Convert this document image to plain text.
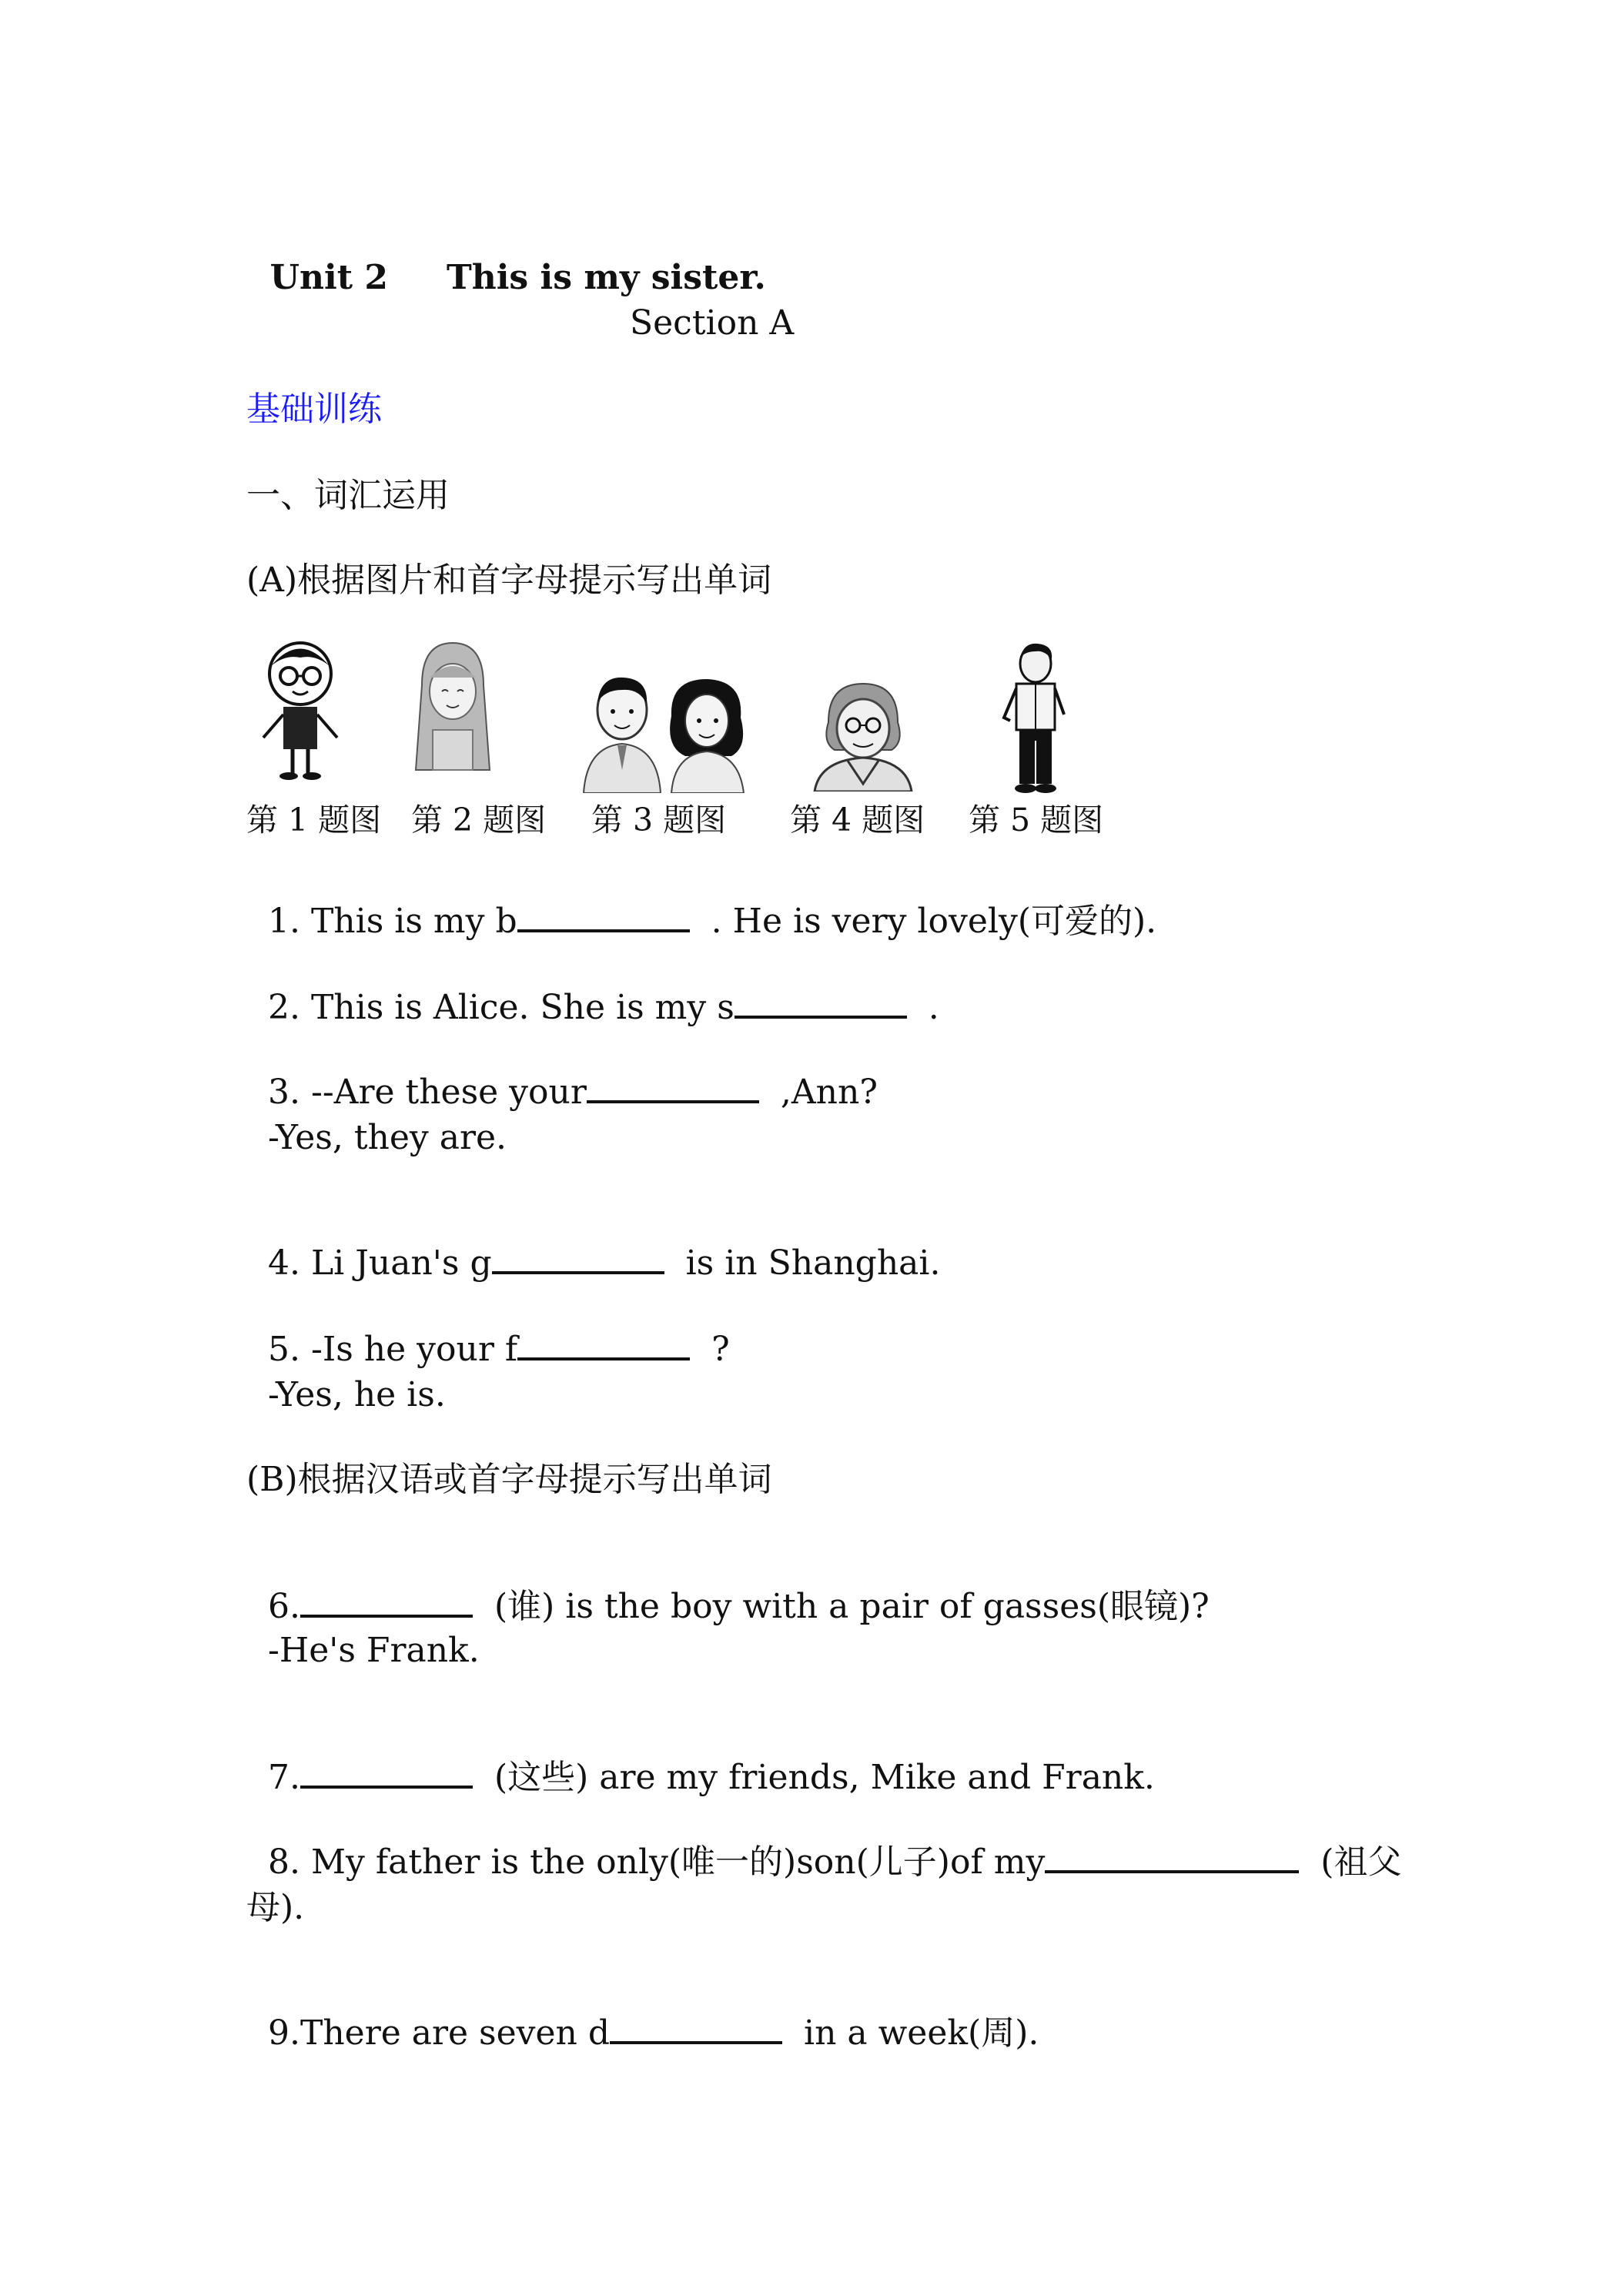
Unit 2 This is my sister.

Section A
基础训练
一、词汇运用
(A)根据图片和首字母提示写出单词
第 1 题图 第 2 题图 第 3 题图 第 4 题图 第 5 题图

1. This is my b	. He is very lovely(可爱的).

2. This is Alice. She is my s	.

3. --Are these your	,Ann?

-Yes, they are.

4. Li Juan's g	is in Shanghai.

5. -Is he your f	?

-Yes, he is.
(B)根据汉语或首字母提示写出单词

6.	(谁) is the boy with a pair of gasses(眼镜)?

-He's Frank.

7.	(这些) are my friends, Mike and Frank.

8. My father is the only(唯一的)son(儿子)of my	(祖父

母).

9.There are seven d	in a week(周).
